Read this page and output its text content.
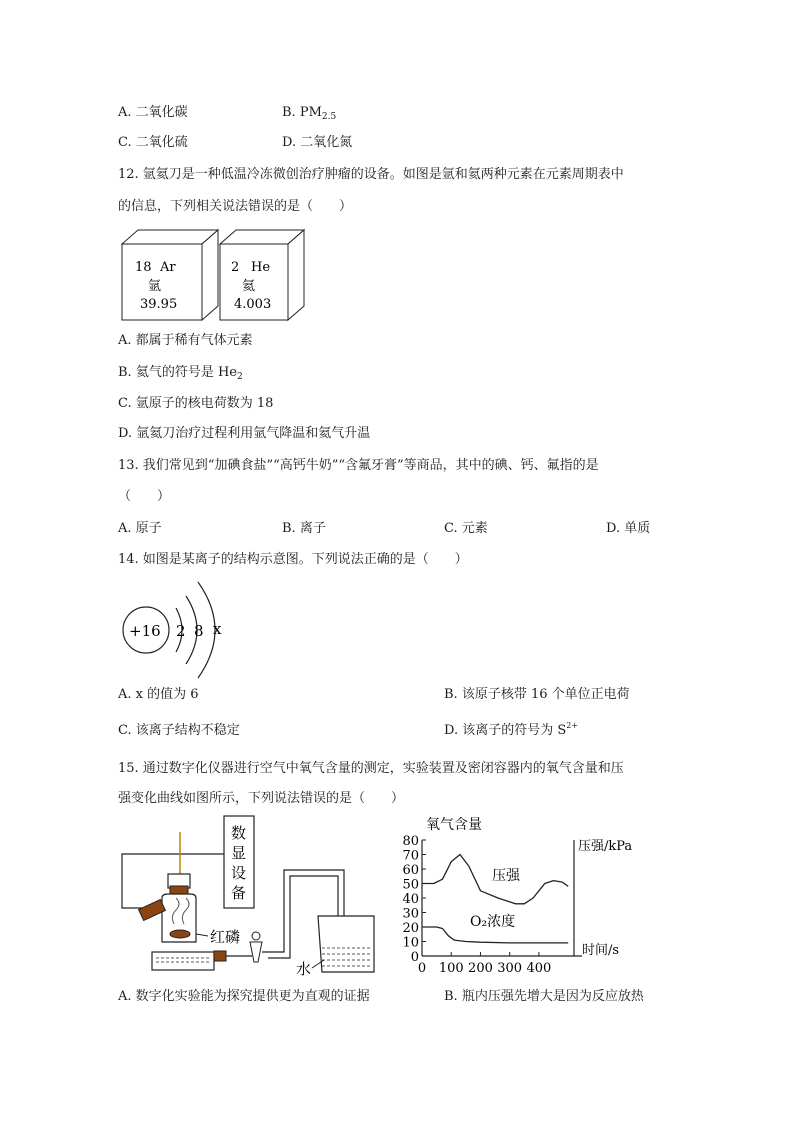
A. 二氧化碳	B. $PM_{2.5}$
C. 二氧化硫	D. 二氧化氮
12. 氩氦刀是一种低温冷冻微创治疗肿瘤的设备。如图是氩和氦两种元素在元素周期表中
的信息，下列相关说法错误的是（　　）
18 Ar
氩
39.95
2 He
氦
4.003
A. 都属于稀有气体元素
B. 氦气的符号是 $He_2$
C. 氩原子的核电荷数为 18
D. 氩氦刀治疗过程利用氩气降温和氦气升温
13. 我们常见到“加碘食盐”“高钙牛奶”“含氟牙膏”等商品，其中的碘、钙、氟指的是
（　　）
A. 原子	B. 离子	C. 元素	D. 单质
14. 如图是某离子的结构示意图。下列说法正确的是（　　）
+16 2 8 x
A. x 的值为 6	B. 该原子核带 16 个单位正电荷
C. 该离子结构不稳定	D. 该离子的符号为 $S^{2+}$
15. 通过数字化仪器进行空气中氧气含量的测定，实验装置及密闭容器内的氧气含量和压
强变化曲线如图所示，下列说法错误的是（　　）
数
显
设
备
红磷
水
氧气含量
压强/kPa
时间/s
0
10
20
30
40
50
60
70
80
0 100 200 300 400
压强
O₂浓度
A. 数字化实验能为探究提供更为直观的证据	B. 瓶内压强先增大是因为反应放热
